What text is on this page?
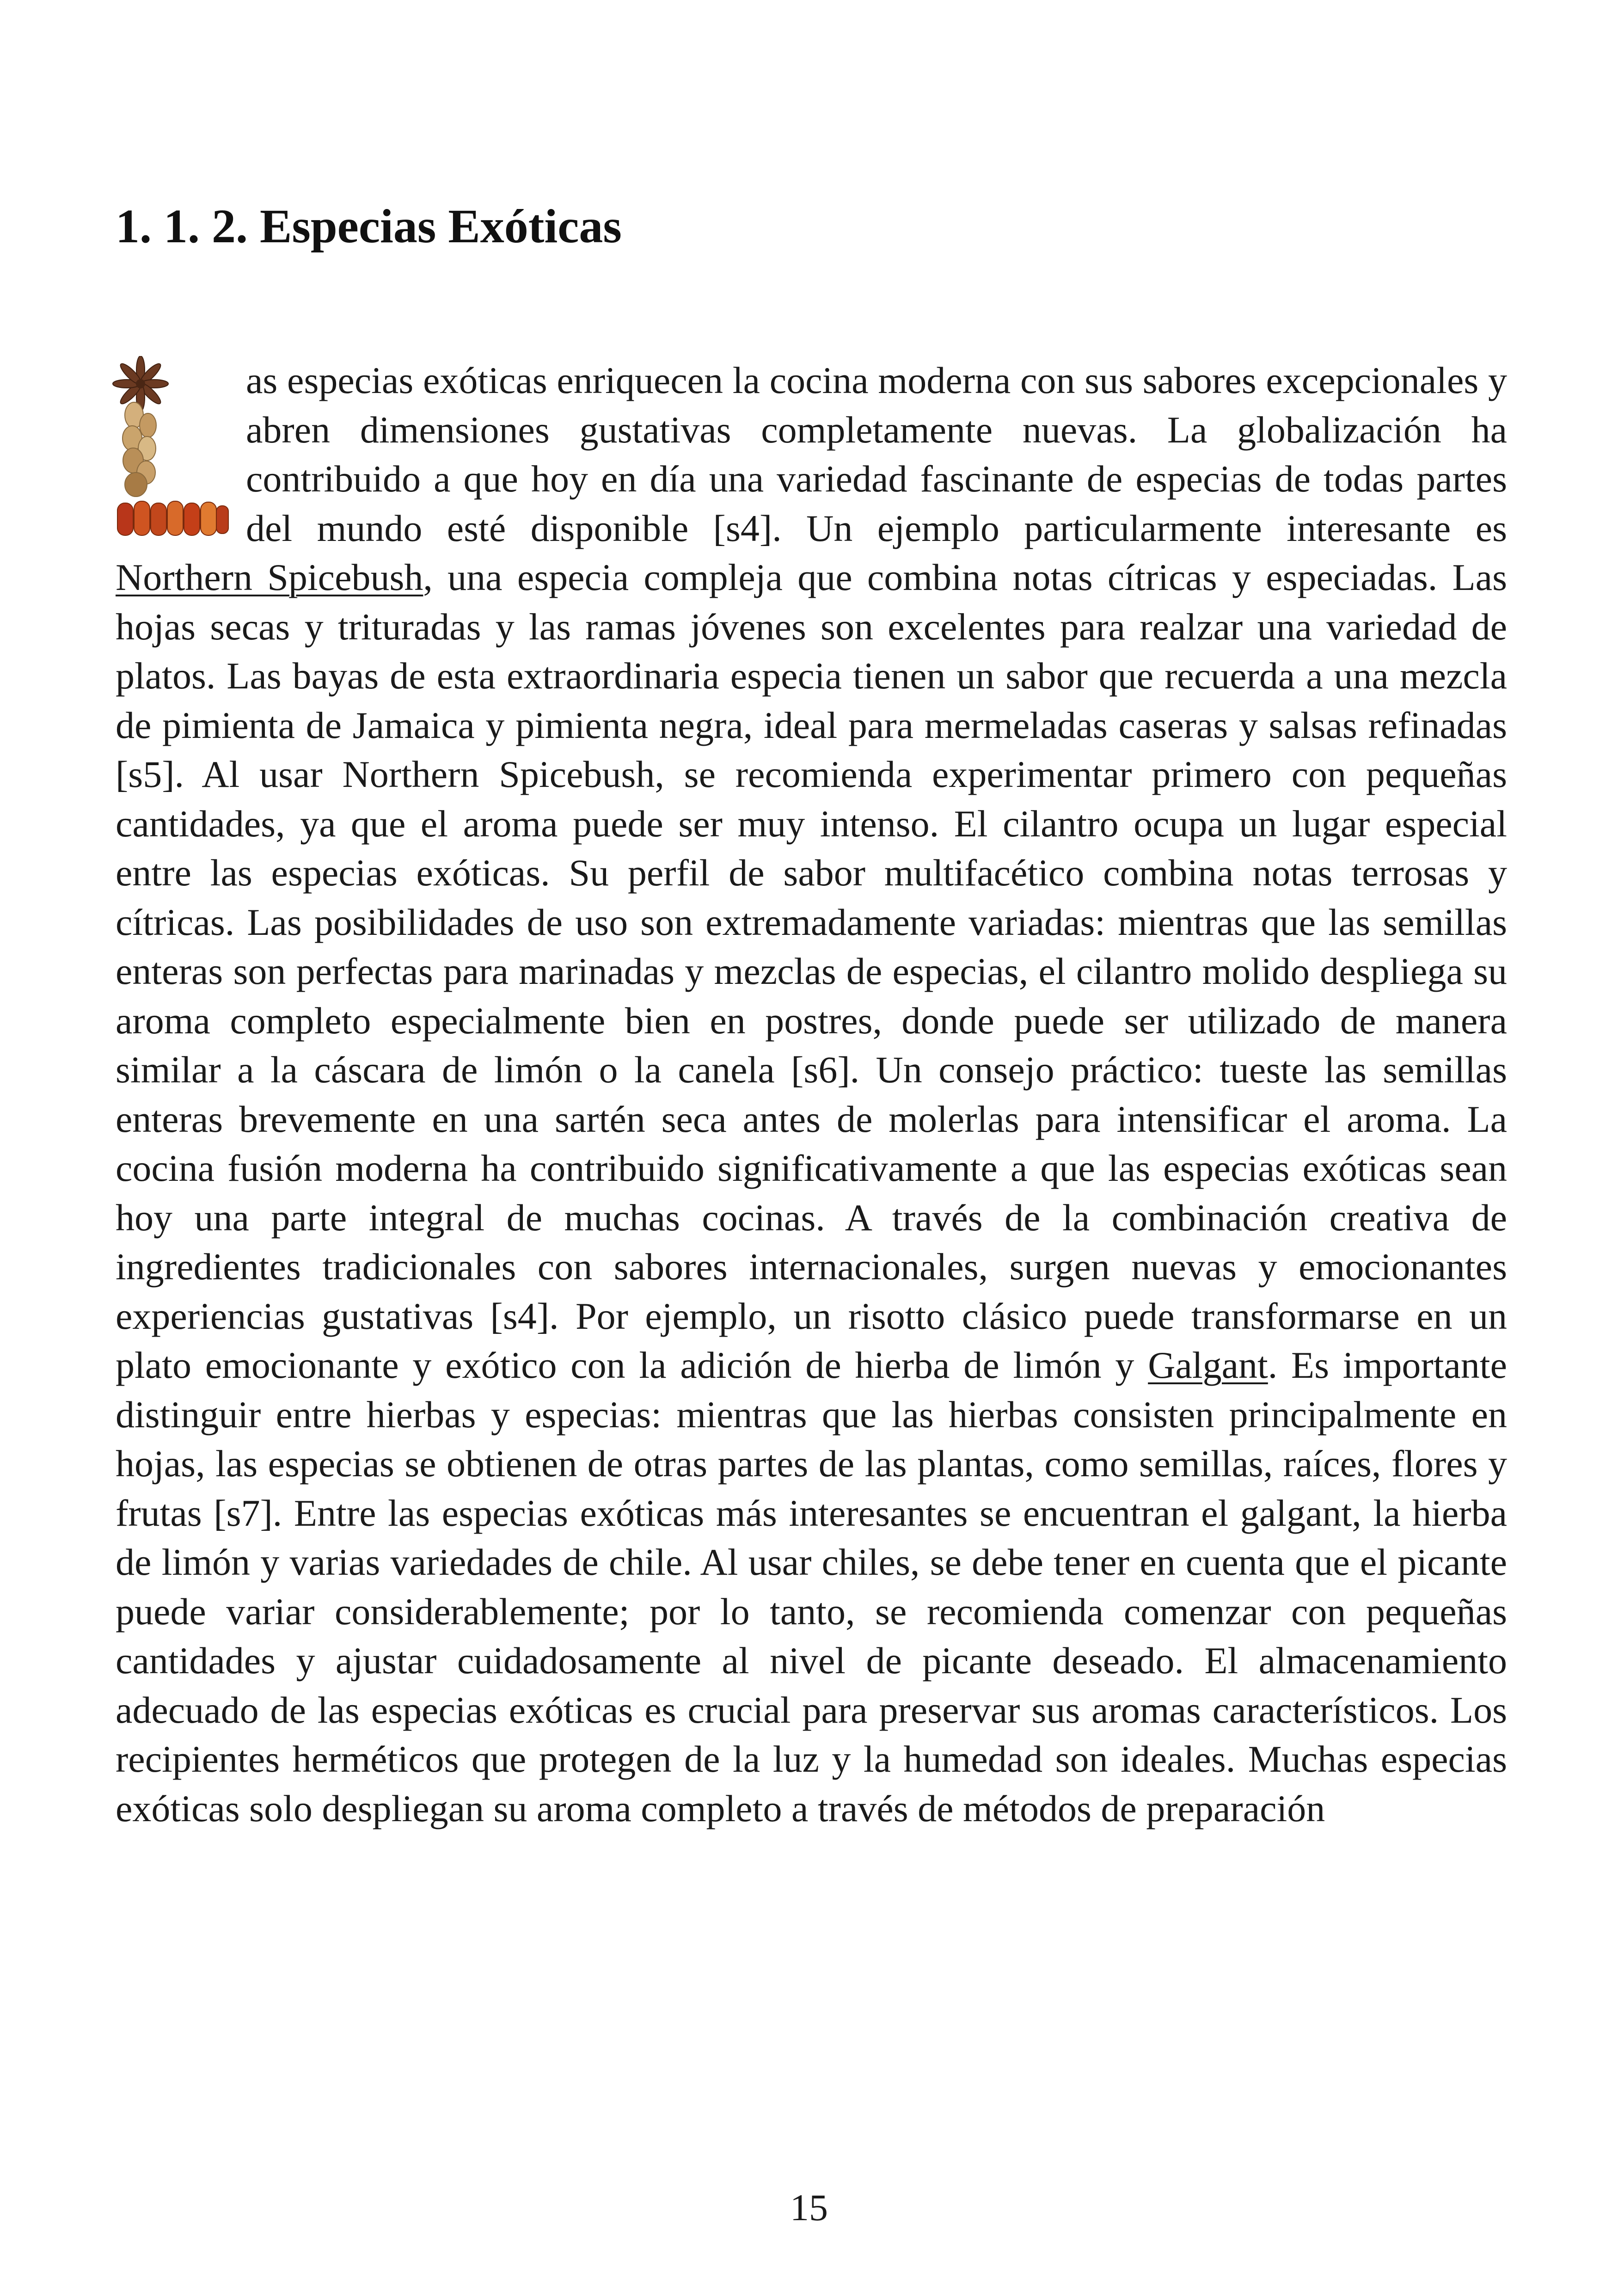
1. 1. 2. Especias Exóticas

as especias exóticas enriquecen la cocina moderna con sus sabores excepcionales y abren dimensiones gustativas completamente nuevas. La globalización ha contribuido a que hoy en día una variedad fascinante de especias de todas partes del mundo esté disponible [s4]. Un ejemplo particularmente interesante es Northern Spicebush, una especia compleja que combina notas cítricas y especiadas. Las hojas secas y trituradas y las ramas jóvenes son excelentes para realzar una variedad de platos. Las bayas de esta extraordinaria especia tienen un sabor que recuerda a una mezcla de pimienta de Jamaica y pimienta negra, ideal para mermeladas caseras y salsas refinadas [s5]. Al usar Northern Spicebush, se recomienda experimentar primero con pequeñas cantidades, ya que el aroma puede ser muy intenso. El cilantro ocupa un lugar especial entre las especias exóticas. Su perfil de sabor multifacético combina notas terrosas y cítricas. Las posibilidades de uso son extremadamente variadas: mientras que las semillas enteras son perfectas para marinadas y mezclas de especias, el cilantro molido despliega su aroma completo especialmente bien en postres, donde puede ser utilizado de manera similar a la cáscara de limón o la canela [s6]. Un consejo práctico: tueste las semillas enteras brevemente en una sartén seca antes de molerlas para intensificar el aroma. La cocina fusión moderna ha contribuido significativamente a que las especias exóticas sean hoy una parte integral de muchas cocinas. A través de la combinación creativa de ingredientes tradicionales con sabores internacionales, surgen nuevas y emocionantes experiencias gustativas [s4]. Por ejemplo, un risotto clásico puede transformarse en un plato emocionante y exótico con la adición de hierba de limón y Galgant. Es importante distinguir entre hierbas y especias: mientras que las hierbas consisten principalmente en hojas, las especias se obtienen de otras partes de las plantas, como semillas, raíces, flores y frutas [s7]. Entre las especias exóticas más interesantes se encuentran el galgant, la hierba de limón y varias variedades de chile. Al usar chiles, se debe tener en cuenta que el picante puede variar considerablemente; por lo tanto, se recomienda comenzar con pequeñas cantidades y ajustar cuidadosamente al nivel de picante deseado. El almacenamiento adecuado de las especias exóticas es crucial para preservar sus aromas característicos. Los recipientes herméticos que protegen de la luz y la humedad son ideales. Muchas especias exóticas solo despliegan su aroma completo a través de métodos de preparación

15
